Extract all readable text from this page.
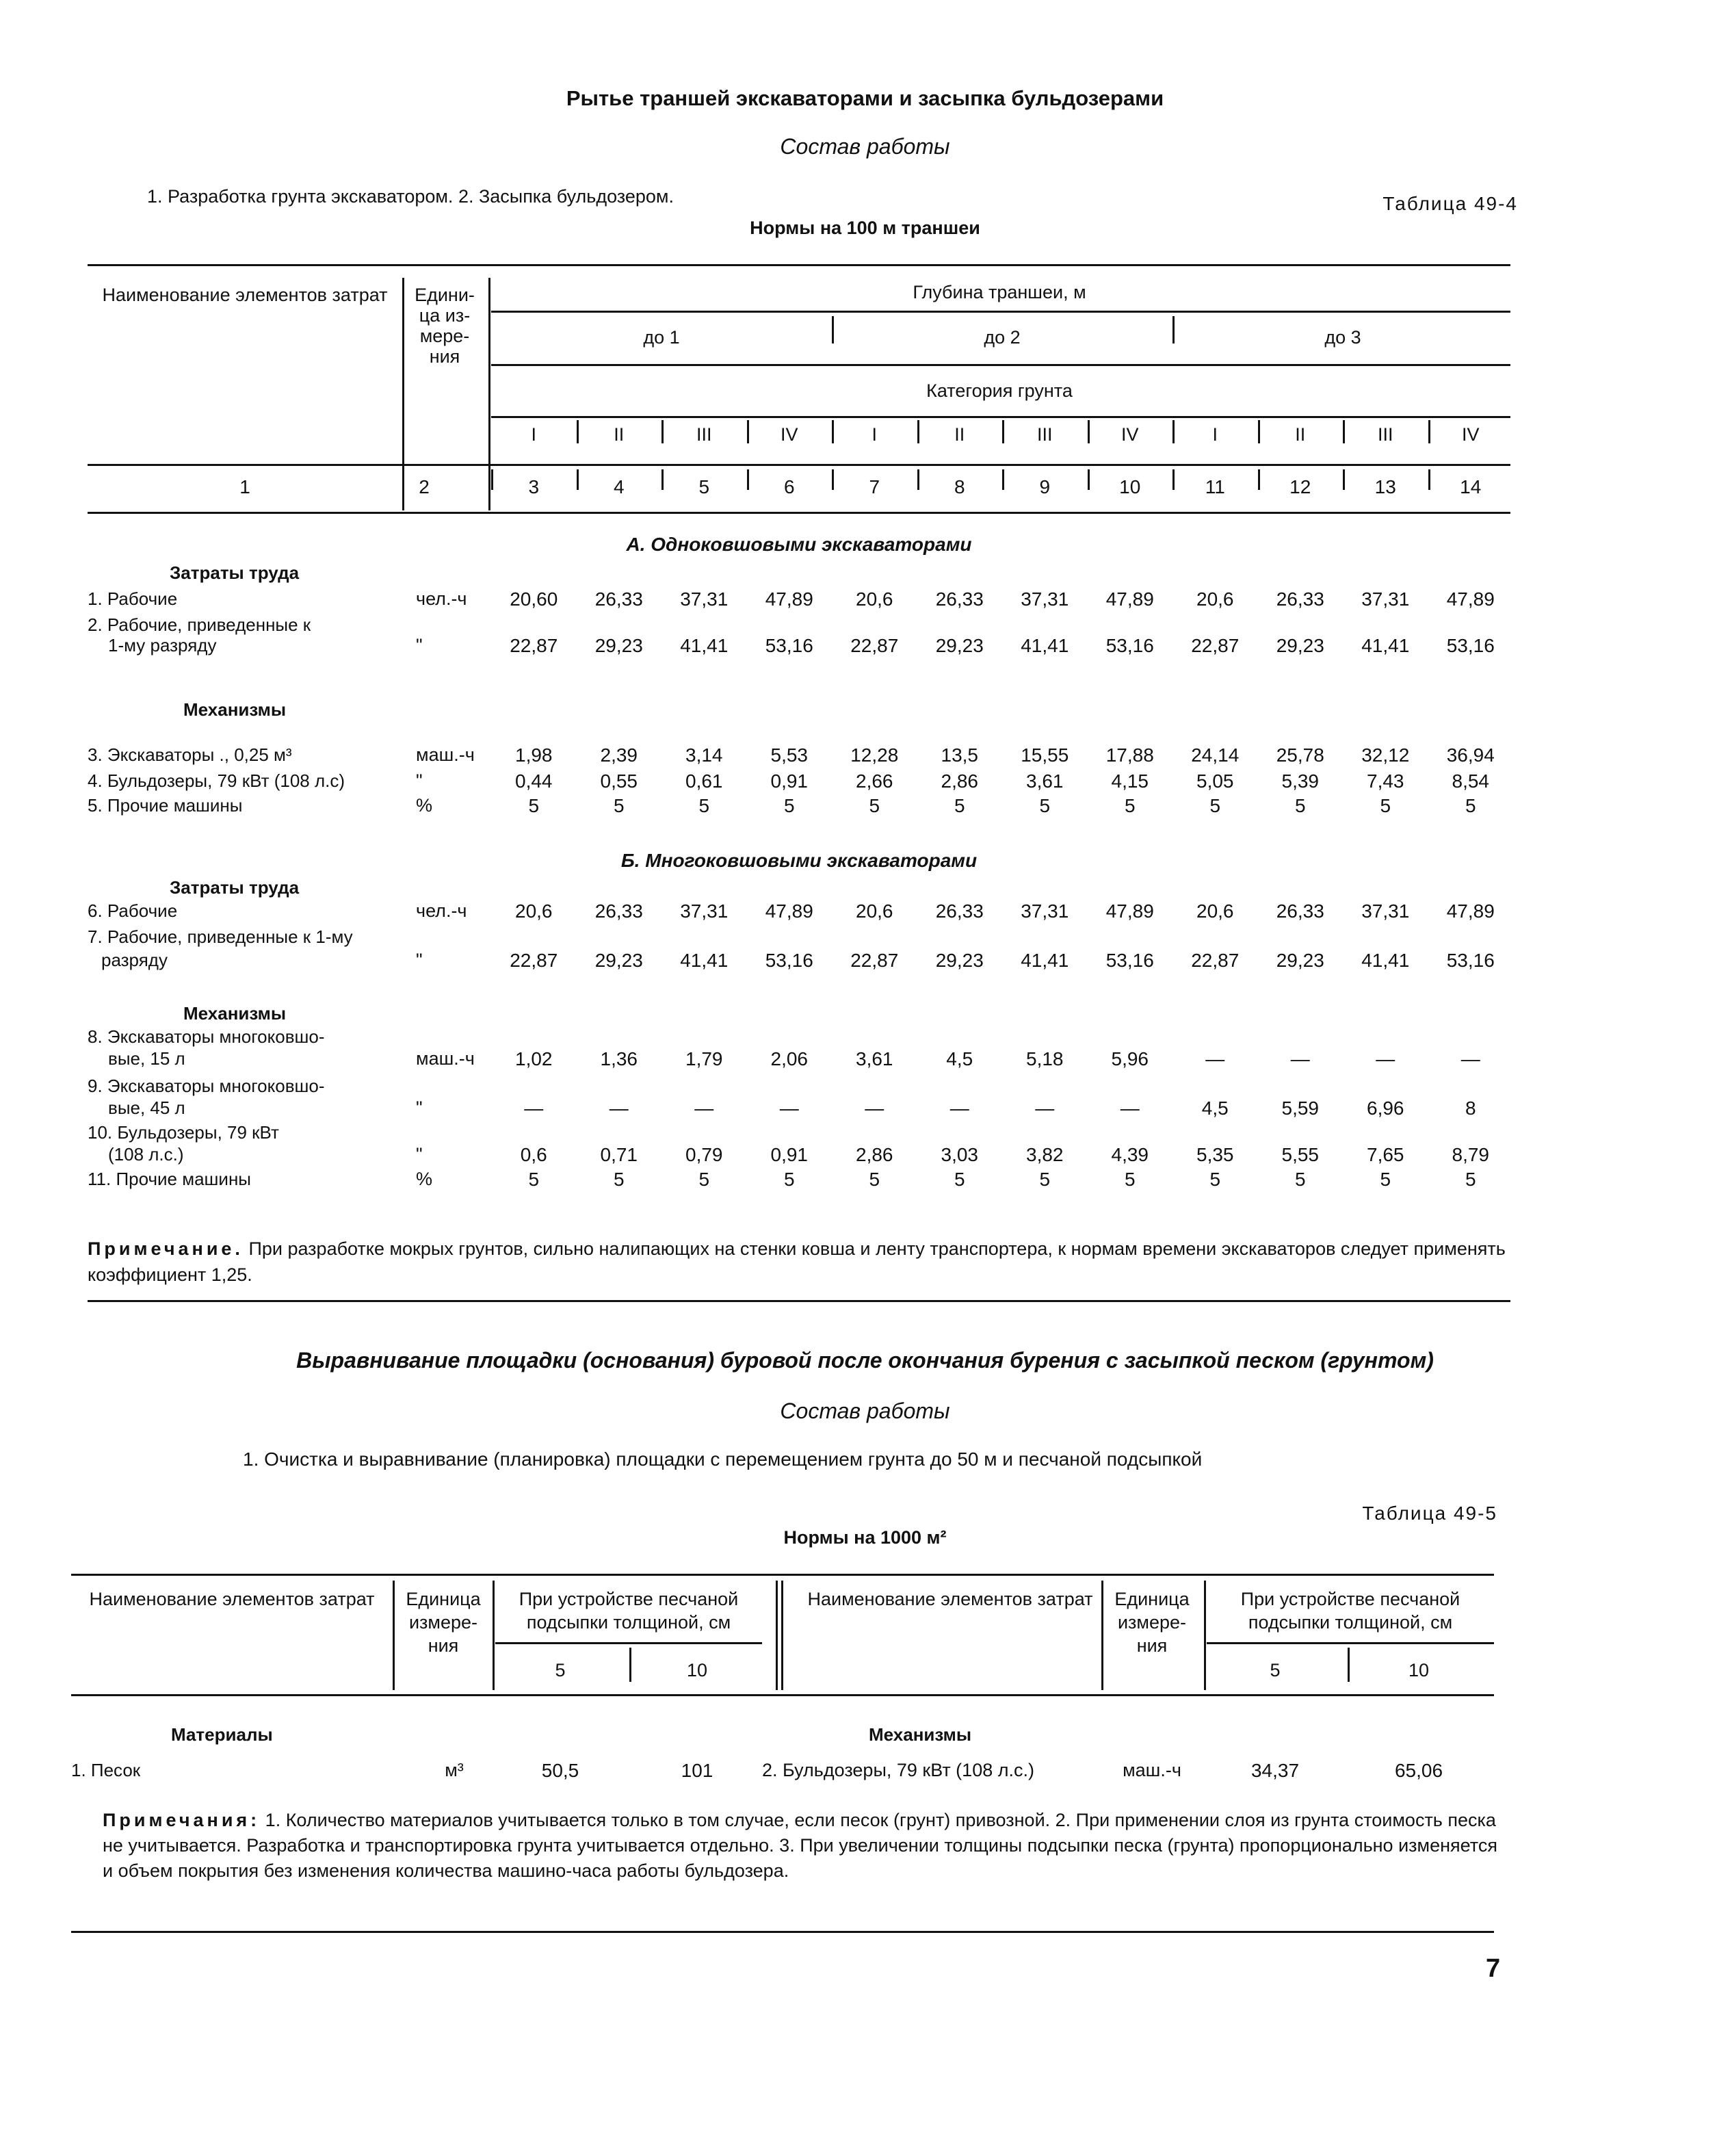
Рытье траншей экскаваторами и засыпка бульдозерами
Состав работы
1. Разработка грунта экскаватором. 2. Засыпка бульдозером.	Таблица 49-4
Нормы на 100 м траншеи
Наименование элементов затрат	Едини-
ца из-
мере-
ния
Глубина траншеи, м
Категория грунта
А. Одноковшовыми экскаваторами
Затраты труда
Механизмы
Б. Многоковшовыми экскаваторами
Затраты труда
Механизмы
до 1	до 2	до 3
I	II	III	IV	I	II	III	IV	I	II	III	IV
1	2	3	4	5	6	7	8	9	10	11	12	13	14
1. Рабочие	чел.-ч	20,60	26,33	37,31	47,89	20,6	26,33	37,31	47,89	20,6	26,33	37,31	47,89
2. Рабочие, приведенные к
1-му разряду	"	22,87	29,23	41,41	53,16	22,87	29,23	41,41	53,16	22,87	29,23	41,41	53,16
3. Экскаваторы ., 0,25 м³	маш.-ч	1,98	2,39	3,14	5,53	12,28	13,5	15,55	17,88	24,14	25,78	32,12	36,94
4. Бульдозеры, 79 кВт (108 л.с)	"	0,44	0,55	0,61	0,91	2,66	2,86	3,61	4,15	5,05	5,39	7,43	8,54
5. Прочие машины	%	5	5	5	5	5	5	5	5	5	5	5	5
6. Рабочие	чел.-ч	20,6	26,33	37,31	47,89	20,6	26,33	37,31	47,89	20,6	26,33	37,31	47,89
7. Рабочие, приведенные к 1-му
разряду	"	22,87	29,23	41,41	53,16	22,87	29,23	41,41	53,16	22,87	29,23	41,41	53,16
8. Экскаваторы многоковшо-
вые, 15 л	маш.-ч	1,02	1,36	1,79	2,06	3,61	4,5	5,18	5,96	—	—	—	—
9. Экскаваторы многоковшо-
вые, 45 л	"	—	—	—	—	—	—	—	—	4,5	5,59	6,96	8
10. Бульдозеры, 79 кВт
(108 л.с.)	"	0,6	0,71	0,79	0,91	2,86	3,03	3,82	4,39	5,35	5,55	7,65	8,79
11. Прочие машины	%	5	5	5	5	5	5	5	5	5	5	5	5
Примечание. При разработке мокрых грунтов, сильно налипающих на стенки ковша и ленту транспортера, к нормам времени экскаваторов следует применять коэффициент 1,25.
Выравнивание площадки (основания) буровой после окончания бурения с засыпкой песком (грунтом)
Состав работы
1. Очистка и выравнивание (планировка) площадки с перемещением грунта до 50 м и песчаной подсыпкой
Таблица 49-5
Нормы на 1000 м²
Наименование элементов затрат	Единица
измере-
ния
При устройстве песчаной
подсыпки толщиной, см
5	10
Наименование элементов затрат	Единица
измере-
ния
При устройстве песчаной
подсыпки толщиной, см
5	10
Материалы	Механизмы
1. Песок	м³	50,5	101	2. Бульдозеры, 79 кВт (108 л.с.)	маш.-ч	34,37	65,06
Примечания: 1. Количество материалов учитывается только в том случае, если песок (грунт) привозной. 2. При применении слоя из грунта стоимость песка не учитывается. Разработка и транспортировка грунта учитывается отдельно. 3. При увеличении толщины подсыпки песка (грунта) пропорционально изменяется и объем покрытия без изменения количества машино-часа работы бульдозера.
7
